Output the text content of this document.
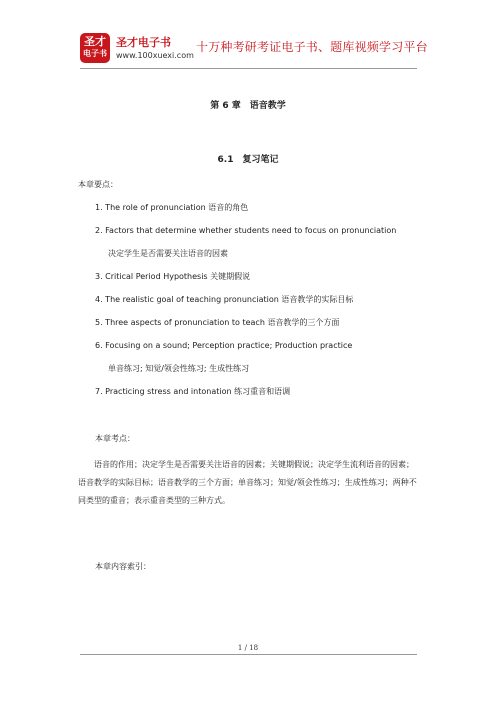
圣才
电子书
圣才电子书
www.100xuexi.com
十万种考研考证电子书、题库视频学习平台
第 6 章　语音教学
6.1　复习笔记
本章要点：
1. The role of pronunciation 语音的角色
2. Factors that determine whether students need to focus on pronunciation
决定学生是否需要关注语音的因素
3. Critical Period Hypothesis 关键期假说
4. The realistic goal of teaching pronunciation 语音教学的实际目标
5. Three aspects of pronunciation to teach 语音教学的三个方面
6. Focusing on a sound; Perception practice; Production practice
单音练习; 知觉/领会性练习; 生成性练习
7. Practicing stress and intonation 练习重音和语调
本章考点：
语音的作用；决定学生是否需要关注语音的因素；关键期假说；决定学生流利语音的因素；语音教学的实际目标；语音教学的三个方面；单音练习；知觉/领会性练习；生成性练习；两种不同类型的重音；表示重音类型的三种方式。
本章内容索引：
1 / 18
